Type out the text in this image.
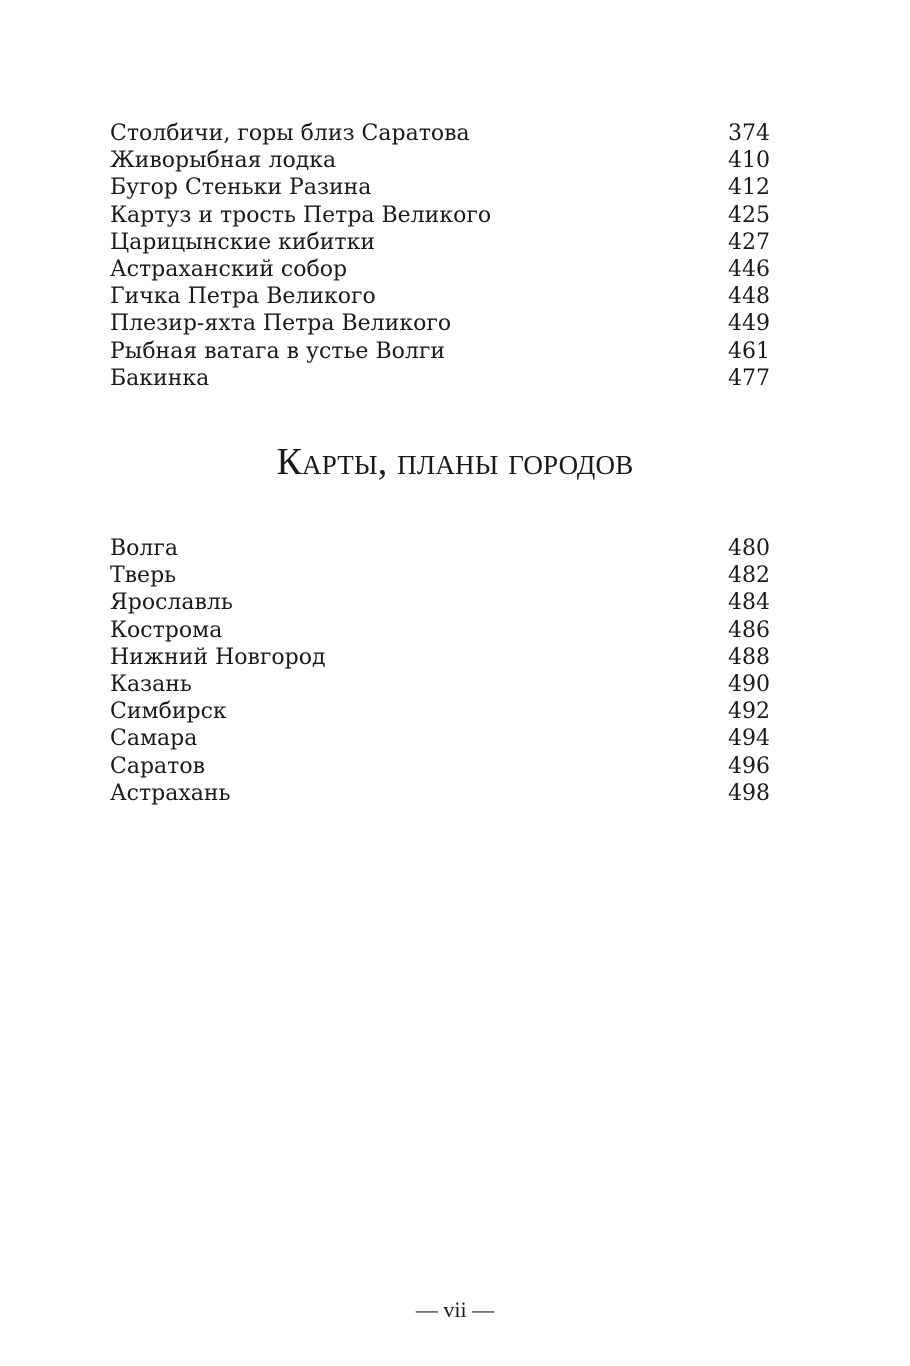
Столбичи, горы близ Саратова	374
Живорыбная лодка	410
Бугор Стеньки Разина	412
Картуз и трость Петра Великого	425
Царицынские кибитки	427
Астраханский собор	446
Гичка Петра Великого	448
Плезир-яхта Петра Великого	449
Рыбная ватага в устье Волги	461
Бакинка	477
Карты, планы городов
Волга	480
Тверь	482
Ярославль	484
Кострома	486
Нижний Новгород	488
Казань	490
Симбирск	492
Самара	494
Саратов	496
Астрахань	498
— vii —
